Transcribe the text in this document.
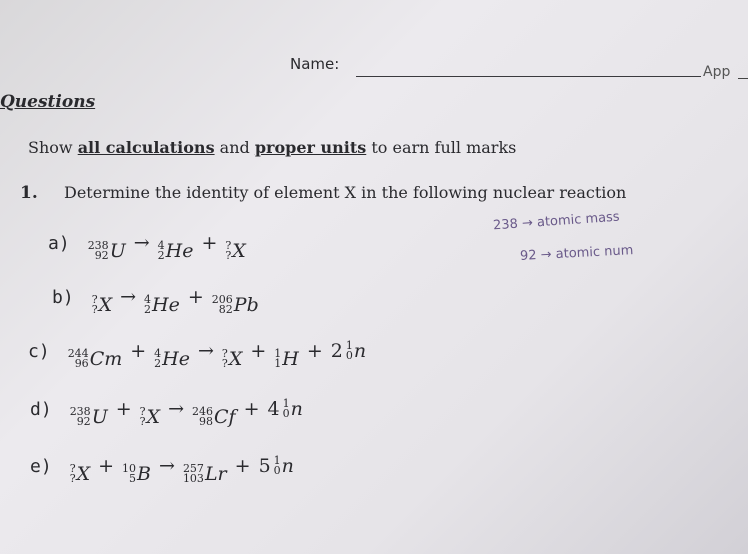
Name:	App
Questions
Show all calculations and proper units to earn full marks
1. Determine the identity of element X in the following nuclear reaction
a) 238
92 U → 4
2 He + ?
? X
b) ?
? X → 4
2 He + 206
82 Pb
c) 244
96 Cm + 4
2 He → ?
? X + 1
1 H + 2 1
0 n
d) 238
92 U + ?
? X → 246
98 Cf + 4 1
0 n
e) ?
? X + 10
5 B → 257
103 Lr + 5 1
0 n
238 → atomic mass
92 → atomic num
